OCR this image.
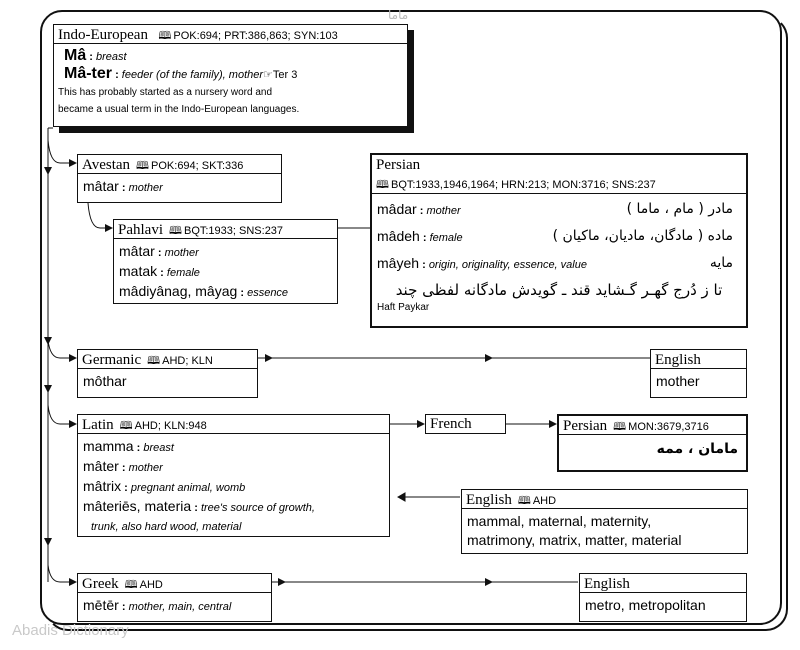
ماما
Indo-European 🕮 POK:694; PRT:386,863; SYN:103
Mâ : breast
Mâ-ter : feeder (of the family), mother☞Ter 3
This has probably started as a nursery word and
became a usual term in the Indo-European languages.
Avestan 🕮 POK:694; SKT:336
mâtar : mother
Pahlavi 🕮 BQT:1933; SNS:237
mâtar : mother
matak : female
mâdiyânag, mâyag : essence
Persian
🕮 BQT:1933,1946,1964; HRN:213; MON:3716; SNS:237
mâdar : mother	مادر ( مام ، ماما )
mâdeh : female	ماده ( مادگان، مادیان، ماکیان )
mâyeh : origin, originality, essence, value	مایه
تا ز دُرج گهـر گـشاید قند ـ گویدش مادگانه لفظی چند
Haft Paykar
Germanic 🕮 AHD; KLN
môthar
English
mother
Latin 🕮 AHD; KLN:948
mamma : breast
mâter : mother
mâtrix : pregnant animal, womb
mâteriēs, materia : tree's source of growth,
trunk, also hard wood, material
French	Persian 🕮 MON:3679,3716
مامان ، ممه
English 🕮 AHD
mammal, maternal, maternity,
matrimony, matrix, matter, material
Greek 🕮 AHD
mētēr : mother, main, central
English
metro, metropolitan
Abadis Dictionary
